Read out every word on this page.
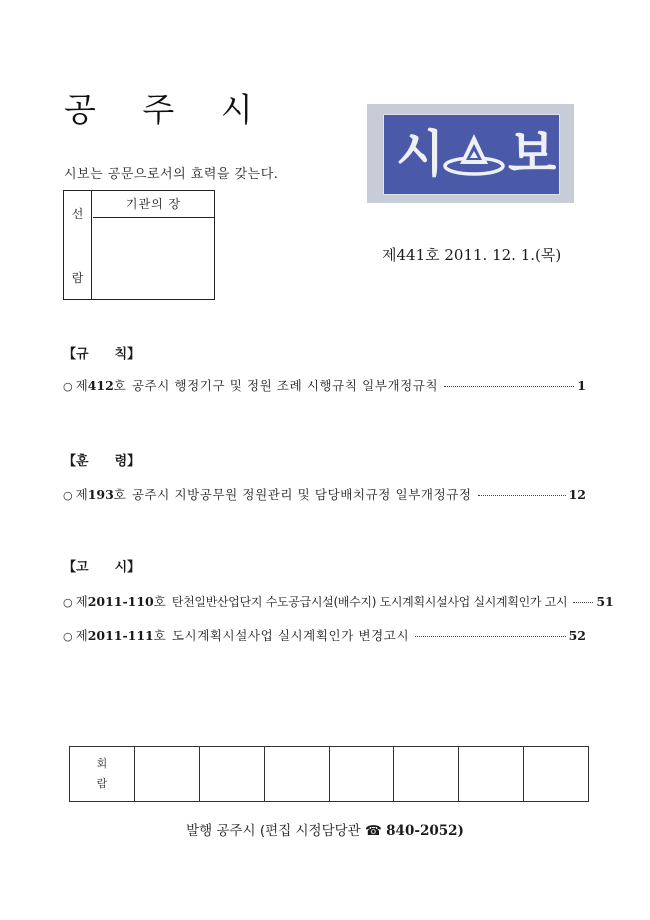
공 주 시
시보는 공문으로서의 효력을 갖는다.
선
람
기관의 장
시 보
제441호 2011. 12. 1.(목)
【규 칙】
○ 제 412 호 공주시 행정기구 및 정원 조례 시행규칙 일부개정규칙	1
【훈 령】
○ 제 193 호 공주시 지방공무원 정원관리 및 담당배치규정 일부개정규정	12
【고 시】
○ 제 2011-110 호 탄천일반산업단지 수도공급시설(배수지) 도시계획시설사업 실시계획인가 고시 51
○ 제 2011-111 호 도시계획시설사업 실시계획인가 변경고시	52
회
람
발행 공주시 (편집 시정담당관 ☎ 840-2052)
